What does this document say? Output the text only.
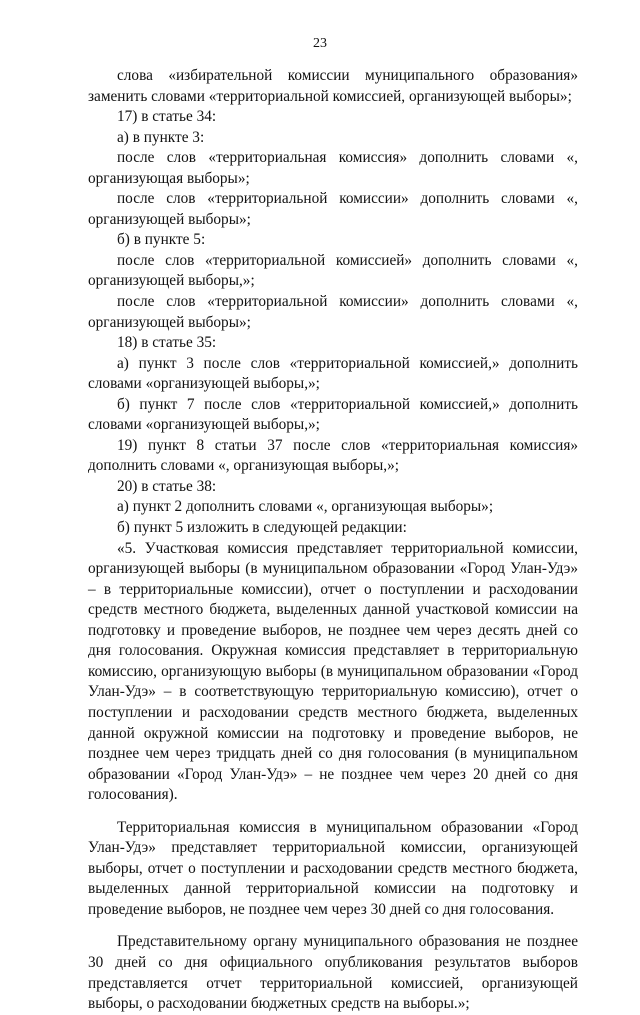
23

слова «избирательной комиссии муниципального образования» заменить словами «территориальной комиссией, организующей выборы»;

17) в статье 34:

а) в пункте 3:

после слов «территориальная комиссия» дополнить словами «, организующая выборы»;

после слов «территориальной комиссии» дополнить словами «, организующей выборы»;

б) в пункте 5:

после слов «территориальной комиссией» дополнить словами «, организующей выборы,»;

после слов «территориальной комиссии» дополнить словами «, организующей выборы»;

18) в статье 35:

а) пункт 3 после слов «территориальной комиссией,» дополнить словами «организующей выборы,»;

б) пункт 7 после слов «территориальной комиссией,» дополнить словами «организующей выборы,»;

19) пункт 8 статьи 37 после слов «территориальная комиссия» дополнить словами «, организующая выборы,»;

20) в статье 38:

а) пункт 2 дополнить словами «, организующая выборы»;

б) пункт 5 изложить в следующей редакции:

«5. Участковая комиссия представляет территориальной комиссии, организующей выборы (в муниципальном образовании «Город Улан-Удэ» – в территориальные комиссии), отчет о поступлении и расходовании средств местного бюджета, выделенных данной участковой комиссии на подготовку и проведение выборов, не позднее чем через десять дней со дня голосования. Окружная комиссия представляет в территориальную комиссию, организующую выборы (в муниципальном образовании «Город Улан-Удэ» – в соответствующую территориальную комиссию), отчет о поступлении и расходовании средств местного бюджета, выделенных данной окружной комиссии на подготовку и проведение выборов, не позднее чем через тридцать дней со дня голосования (в муниципальном образовании «Город Улан-Удэ» – не позднее чем через 20 дней со дня голосования).

Территориальная комиссия в муниципальном образовании «Город Улан-Удэ» представляет территориальной комиссии, организующей выборы, отчет о поступлении и расходовании средств местного бюджета, выделенных данной территориальной комиссии на подготовку и проведение выборов, не позднее чем через 30 дней со дня голосования.

Представительному органу муниципального образования не позднее 30 дней со дня официального опубликования результатов выборов представляется отчет территориальной комиссией, организующей выборы, о расходовании бюджетных средств на выборы.»;
